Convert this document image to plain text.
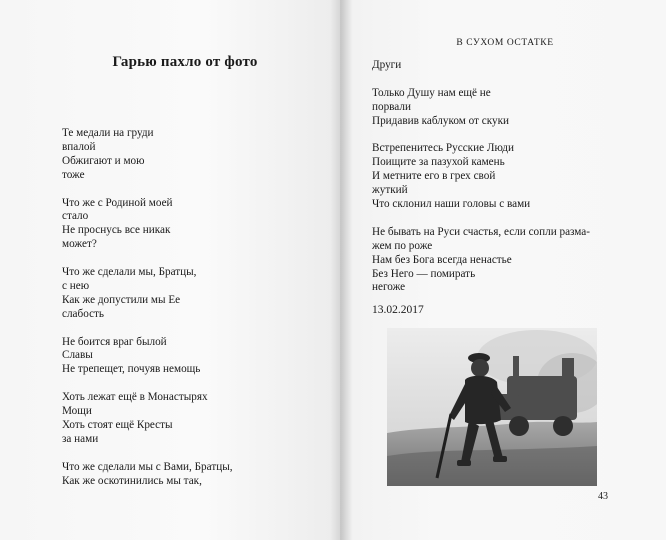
Гарью пахло от фото
Те медали на груди
впалой
Обжигают и мою
тоже
Что же с Родиной моей
стало
Не проснусь все никак
может?
Что же сделали мы, Братцы,
с нею
Как же допустили мы Ее
слабость
Не боится враг былой
Славы
Не трепещет, почуяв немощь
Хоть лежат ещё в Монастырях
Мощи
Хоть стоят ещё Кресты
за нами
Что же сделали мы с Вами, Братцы,
Как же оскотинились мы так,
В СУХОМ ОСТАТКЕ
Други
Только Душу нам ещё не
порвали
Придавив каблуком от скуки
Встрепенитесь Русские Люди
Поищите за пазухой камень
И метните его в грех свой
жуткий
Что склонил наши головы с вами
Не бывать на Руси счастья, если сопли разма-
жем по роже
Нам без Бога всегда ненастье
Без Него — помирать
негоже
13.02.2017
43
